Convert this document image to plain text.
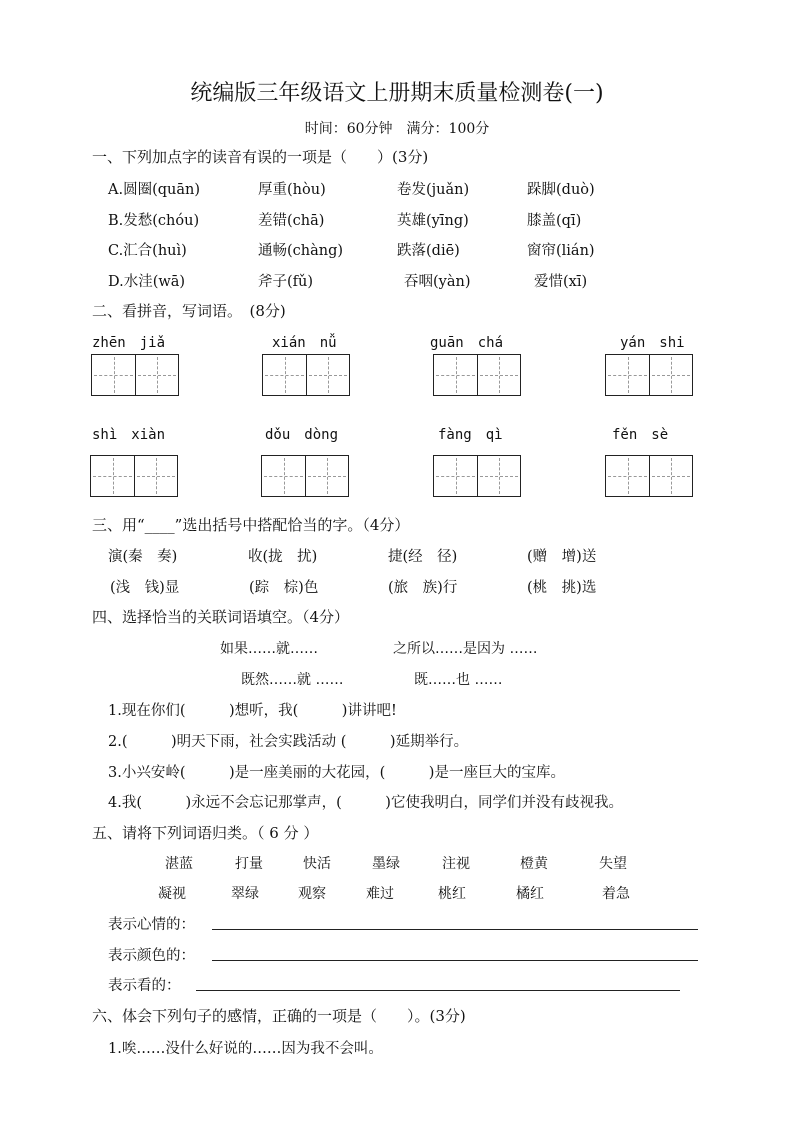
统编版三年级语文上册期末质量检测卷(一)
时间：60分钟　满分：100分
一、下列加点字的读音有误的一项是（　　）(3分)
A.圆圈(quān)	厚重(hòu)	卷发(juǎn)	跺脚(duò)
B.发愁(chóu)	差错(chā)	英雄(yīng)	膝盖(qī)
C.汇合(huì)	通畅(chàng)	跌落(diē)	窗帘(lián)
D.水洼(wā)	斧子(fǔ)	吞咽(yàn)	爱惜(xī)
二、看拼音，写词语。　(8分)
zhēn　jiǎ	xián　nǚ	guān　chá	yán　shi
shì　xiàn	dǒu　dòng	fàng　qì	fěn　sè
三、用“____”选出括号中搭配恰当的字。（4分）
演(秦　奏)	收(拢　扰)	捷(经　径)	(赠　增)送
(浅　钱)显	(踪　棕)色	(旅　族)行	(桃　挑)选
四、选择恰当的关联词语填空。（4分）
如果……就……	之所以……是因为 ……
既然……就 ……	既……也 ……
1.现在你们(　　　)想听，我(　　　)讲讲吧!
2.(　　　)明天下雨，社会实践活动 (　　　)延期举行。
3.小兴安岭(　　　)是一座美丽的大花园，(　　　)是一座巨大的宝库。
4.我(　　　)永远不会忘记那掌声，(　　　)它使我明白，同学们并没有歧视我。
五、请将下列词语归类。（ 6 分 ）
湛蓝	打量	快活	墨绿	注视	橙黄	失望
凝视	翠绿	观察	难过	桃红	橘红	着急
表示心情的：
表示颜色的：
表示看的：
六、体会下列句子的感情，正确的一项是（　　）。(3分)
1.唉……没什么好说的……因为我不会叫。
